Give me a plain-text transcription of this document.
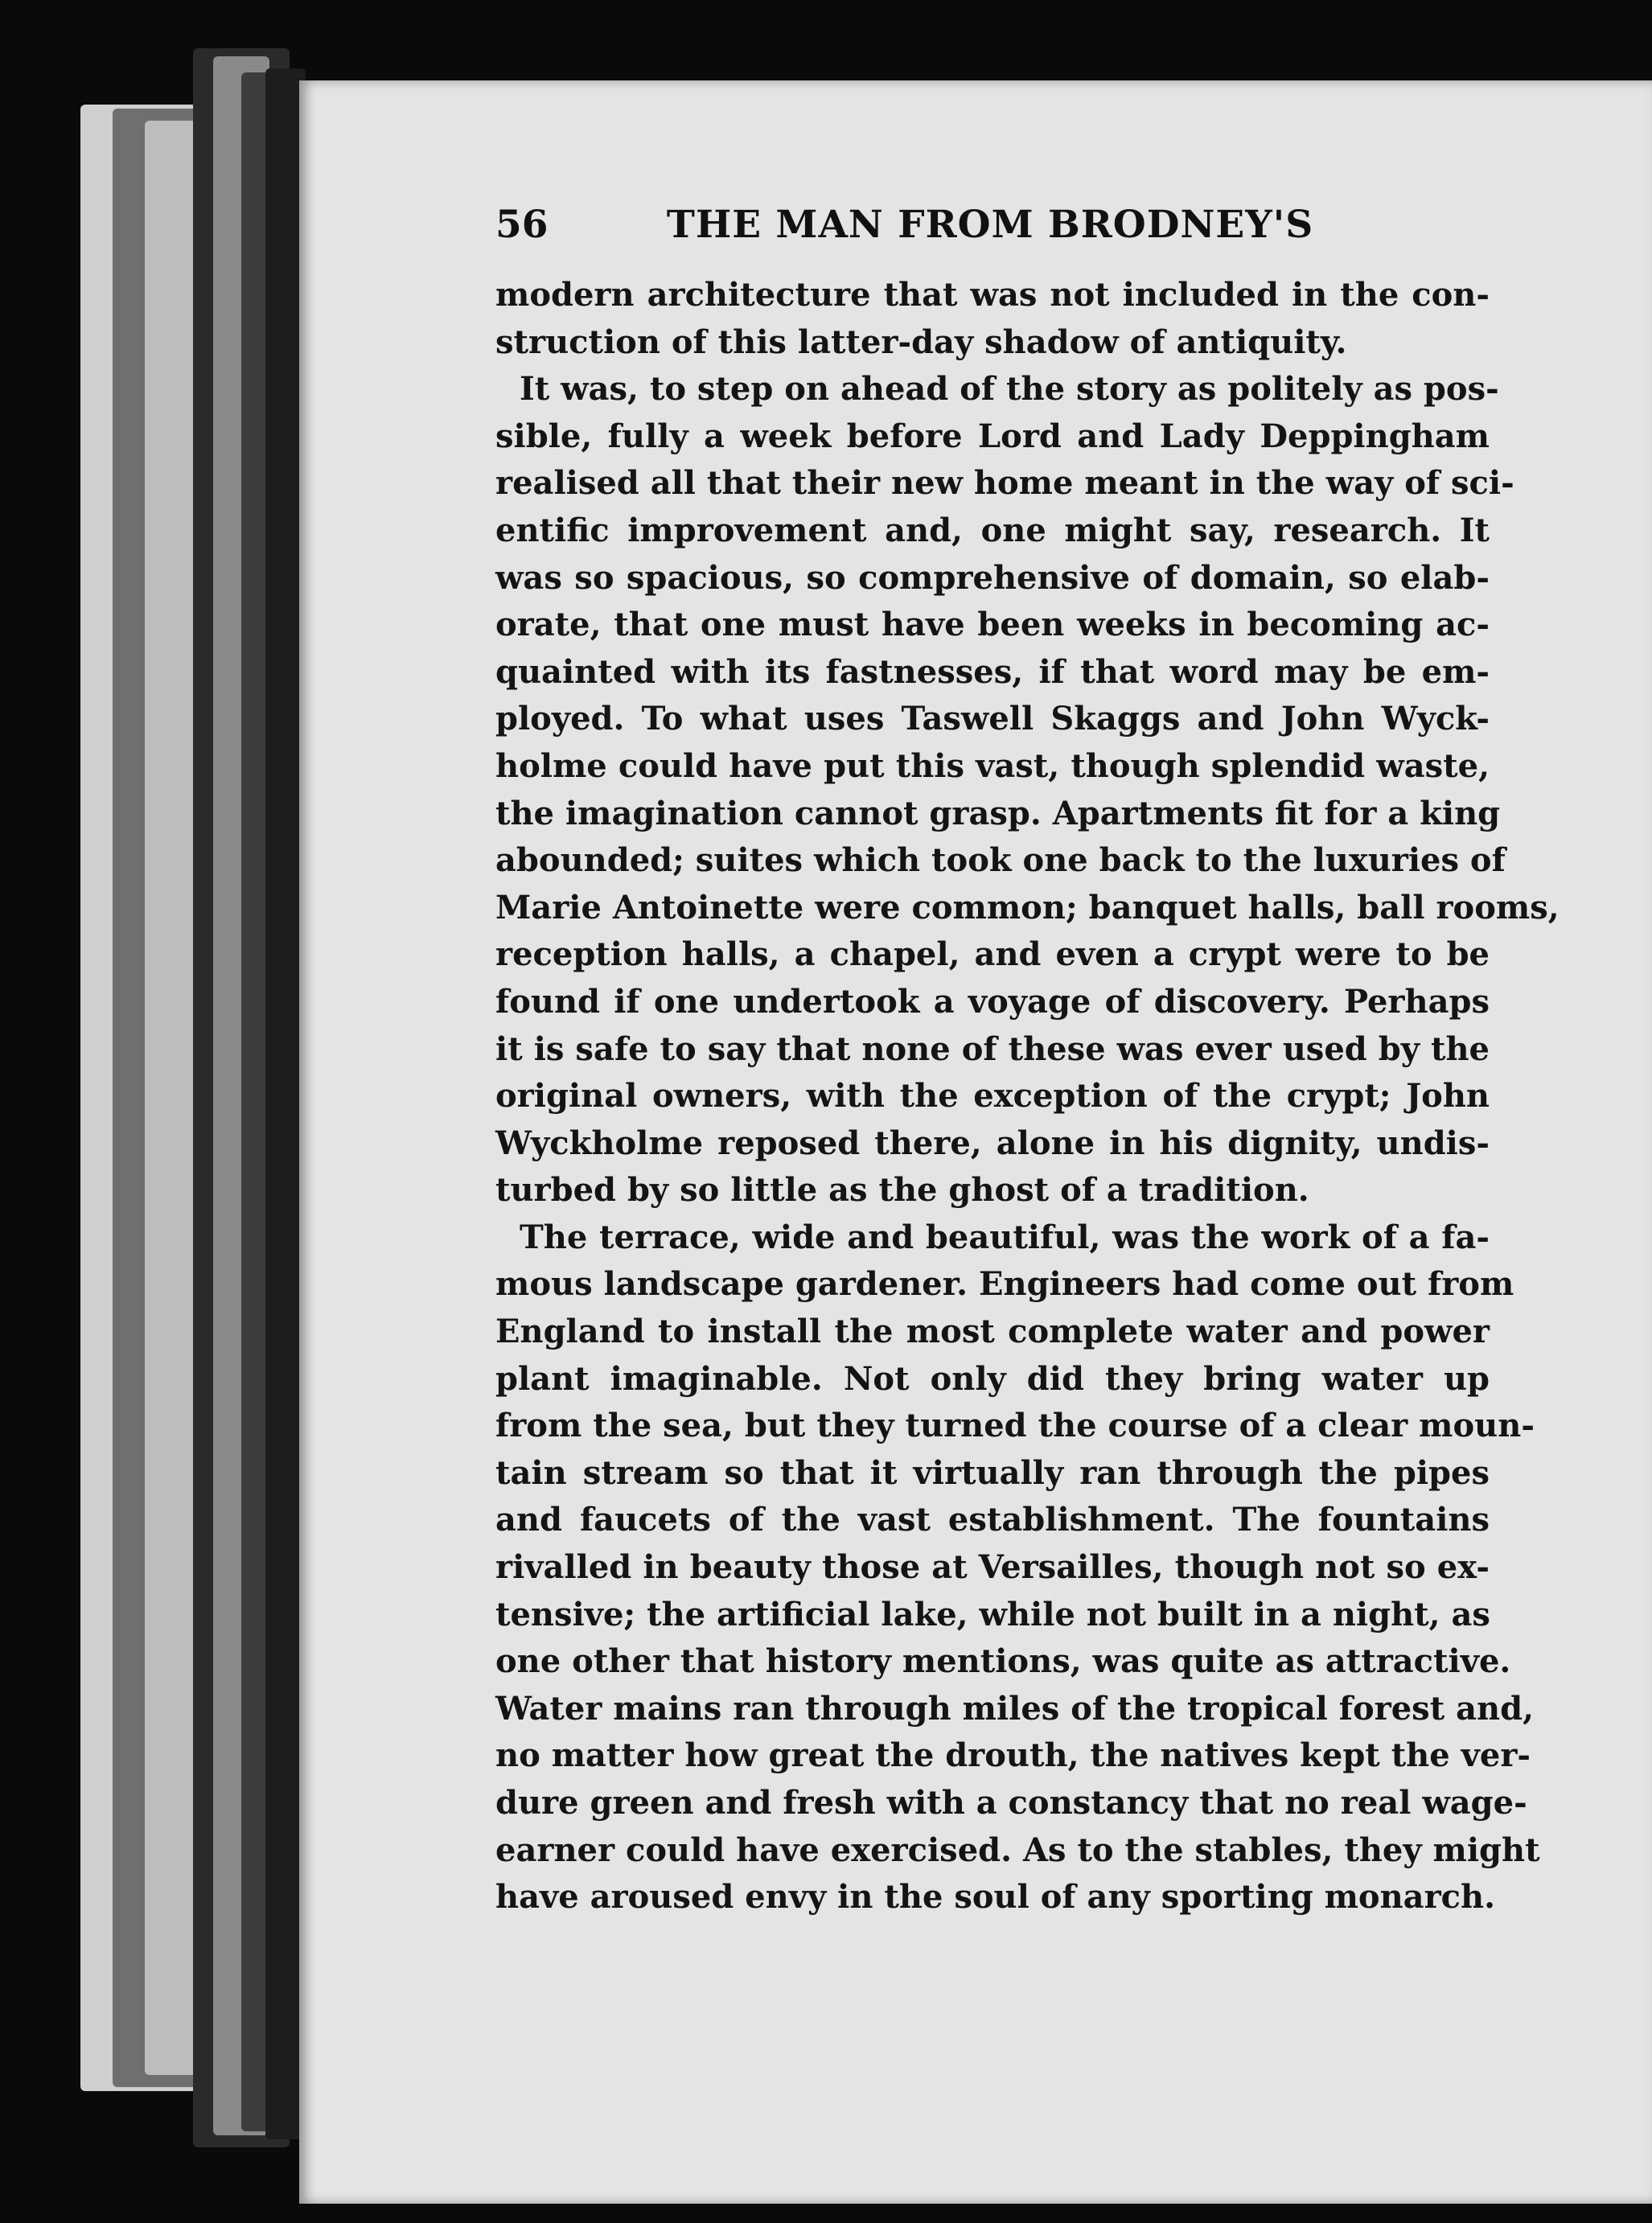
56	THE MAN FROM BRODNEY'S
modern architecture that was not included in the con-
struction of this latter-day shadow of antiquity.
It was, to step on ahead of the story as politely as pos-
sible, fully a week before Lord and Lady Deppingham
realised all that their new home meant in the way of sci-
entific improvement and, one might say, research. It
was so spacious, so comprehensive of domain, so elab-
orate, that one must have been weeks in becoming ac-
quainted with its fastnesses, if that word may be em-
ployed. To what uses Taswell Skaggs and John Wyck-
holme could have put this vast, though splendid waste,
the imagination cannot grasp. Apartments fit for a king
abounded; suites which took one back to the luxuries of
Marie Antoinette were common; banquet halls, ball rooms,
reception halls, a chapel, and even a crypt were to be
found if one undertook a voyage of discovery. Perhaps
it is safe to say that none of these was ever used by the
original owners, with the exception of the crypt; John
Wyckholme reposed there, alone in his dignity, undis-
turbed by so little as the ghost of a tradition.
The terrace, wide and beautiful, was the work of a fa-
mous landscape gardener. Engineers had come out from
England to install the most complete water and power
plant imaginable. Not only did they bring water up
from the sea, but they turned the course of a clear moun-
tain stream so that it virtually ran through the pipes
and faucets of the vast establishment. The fountains
rivalled in beauty those at Versailles, though not so ex-
tensive; the artificial lake, while not built in a night, as
one other that history mentions, was quite as attractive.
Water mains ran through miles of the tropical forest and,
no matter how great the drouth, the natives kept the ver-
dure green and fresh with a constancy that no real wage-
earner could have exercised. As to the stables, they might
have aroused envy in the soul of any sporting monarch.
